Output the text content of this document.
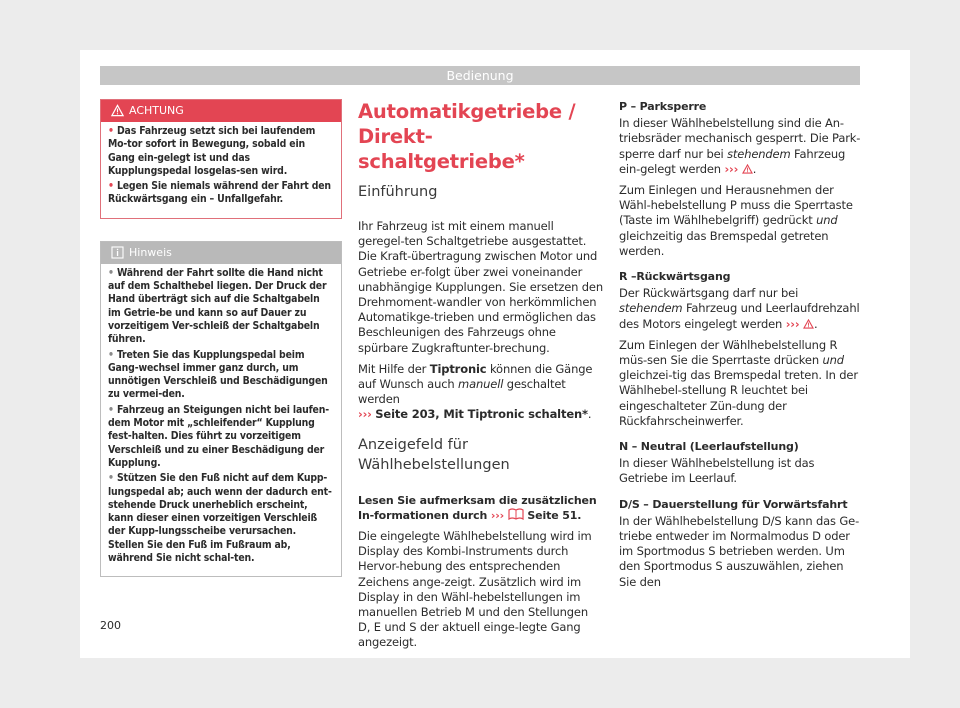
Bedienung
ACHTUNG

• Das Fahrzeug setzt sich bei laufendem Mo-tor sofort in Bewegung, sobald ein Gang ein-gelegt ist und das Kupplungspedal losgelas-sen wird.

• Legen Sie niemals während der Fahrt den Rückwärtsgang ein – Unfallgefahr.

Hinweis

• Während der Fahrt sollte die Hand nicht auf dem Schalthebel liegen. Der Druck der Hand überträgt sich auf die Schaltgabeln im Getrie-be und kann so auf Dauer zu vorzeitigem Ver-schleiß der Schaltgabeln führen.

• Treten Sie das Kupplungspedal beim Gang-wechsel immer ganz durch, um unnötigen Verschleiß und Beschädigungen zu vermei-den.

• Fahrzeug an Steigungen nicht bei laufen-dem Motor mit „schleifender“ Kupplung fest-halten. Dies führt zu vorzeitigem Verschleiß und zu einer Beschädigung der Kupplung.

• Stützen Sie den Fuß nicht auf dem Kupp-lungspedal ab; auch wenn der dadurch ent-stehende Druck unerheblich erscheint, kann dieser einen vorzeitigen Verschleiß der Kupp-lungsscheibe verursachen. Stellen Sie den Fuß im Fußraum ab, während Sie nicht schal-ten.

Automatikgetriebe / Direkt-
schaltgetriebe*
Einführung

Ihr Fahrzeug ist mit einem manuell geregel-ten Schaltgetriebe ausgestattet. Die Kraft-übertragung zwischen Motor und Getriebe er-folgt über zwei voneinander unabhängige Kupplungen. Sie ersetzen den Drehmoment-wandler von herkömmlichen Automatikge-trieben und ermöglichen das Beschleunigen des Fahrzeugs ohne spürbare Zugkraftunter-brechung.

Mit Hilfe der Tiptronic können die Gänge auf Wunsch auch manuell geschaltet werden
››› Seite 203, Mit Tiptronic schalten*.

Anzeigefeld für Wählhebelstellungen

Lesen Sie aufmerksam die zusätzlichen In-formationen durch ››› Seite 51.

Die eingelegte Wählhebelstellung wird im Display des Kombi-Instruments durch Hervor-hebung des entsprechenden Zeichens ange-zeigt. Zusätzlich wird im Display in den Wähl-hebelstellungen im manuellen Betrieb M und den Stellungen D, E und S der aktuell einge-legte Gang angezeigt.

P – Parksperre

In dieser Wählhebelstellung sind die An-triebsräder mechanisch gesperrt. Die Park-sperre darf nur bei stehendem Fahrzeug ein-gelegt werden ››› .

Zum Einlegen und Herausnehmen der Wähl-hebelstellung P muss die Sperrtaste (Taste im Wählhebelgriff) gedrückt und gleichzeitig das Bremspedal getreten werden.

R –Rückwärtsgang

Der Rückwärtsgang darf nur bei stehendem Fahrzeug und Leerlaufdrehzahl des Motors eingelegt werden ››› .

Zum Einlegen der Wählhebelstellung R müs-sen Sie die Sperrtaste drücken und gleichzei-tig das Bremspedal treten. In der Wählhebel-stellung R leuchtet bei eingeschalteter Zün-dung der Rückfahrscheinwerfer.

N – Neutral (Leerlaufstellung)

In dieser Wählhebelstellung ist das Getriebe im Leerlauf.

D/S – Dauerstellung für Vorwärtsfahrt

In der Wählhebelstellung D/S kann das Ge-triebe entweder im Normalmodus D oder im Sportmodus S betrieben werden. Um den Sportmodus S auszuwählen, ziehen Sie den

200
